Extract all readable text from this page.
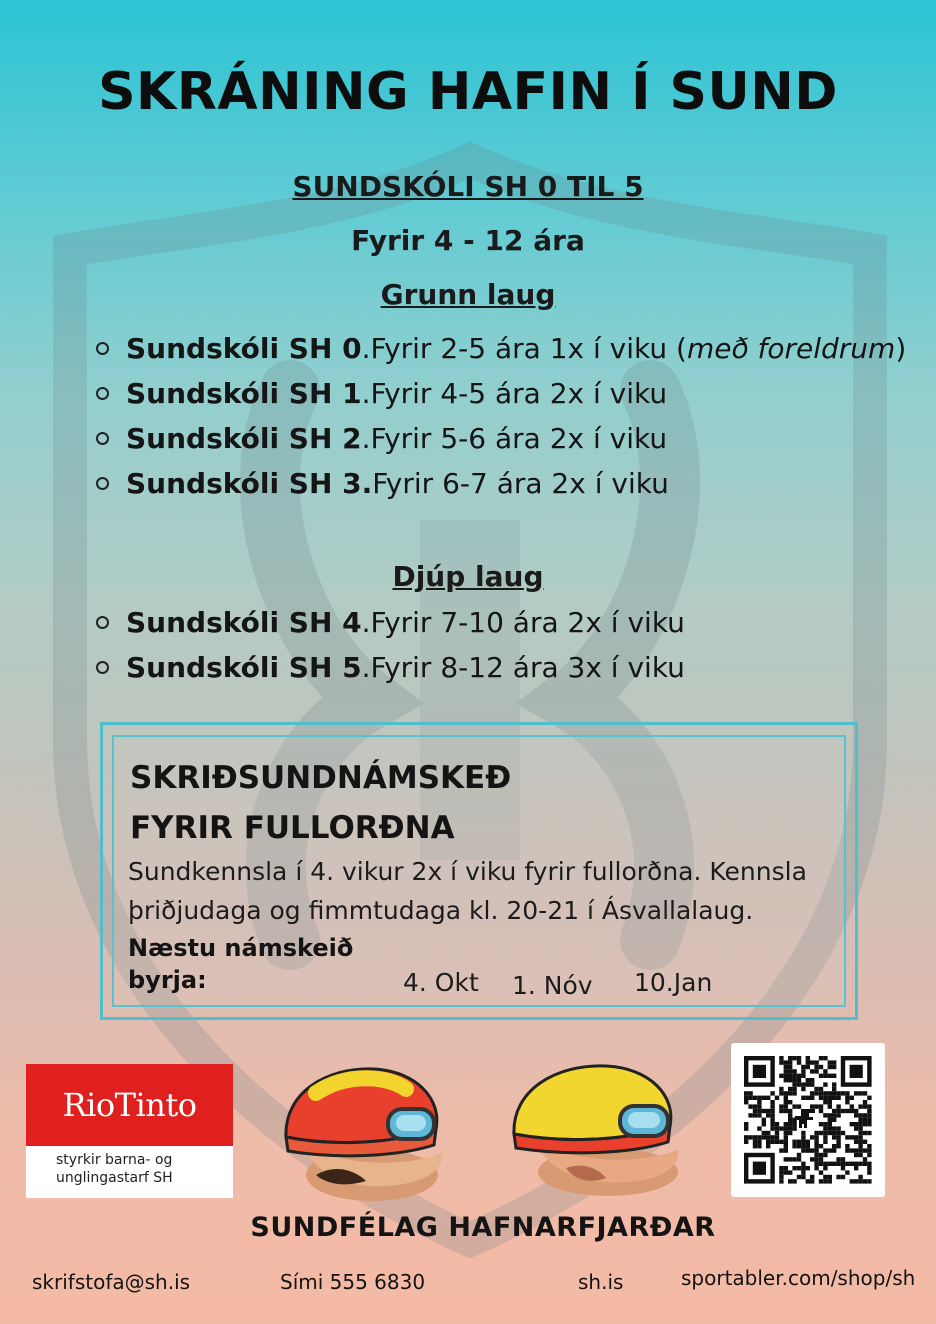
SKRÁNING HAFIN Í SUND
SUNDSKÓLI SH 0 TIL 5
Fyrir 4 - 12 ára
Grunn laug
Sundskóli SH 0 . Fyrir 2-5 ára 1x í viku ( með foreldrum )
Sundskóli SH 1 . Fyrir 4-5 ára 2x í viku
Sundskóli SH 2 . Fyrir 5-6 ára 2x í viku
Sundskóli SH 3. Fyrir 6-7 ára 2x í viku
Djúp laug
Sundskóli SH 4 . Fyrir 7-10 ára 2x í viku
Sundskóli SH 5 . Fyrir 8-12 ára 3x í viku
SKRIÐSUNDNÁMSKEÐ
FYRIR FULLORÐNA

Sundkennsla í 4. vikur 2x í viku fyrir fullorðna. Kennsla þriðjudaga og fimmtudaga kl. 20-21 í Ásvallalaug.

Næstu námskeið
byrja:	4. Okt 1. Nóv 10.Jan
RioTinto
styrkir barna- og
unglingastarf SH
SUNDFÉLAG HAFNARFJARÐAR
skrifstofa@sh.is	Sími 555 6830	sh.is	sportabler.com/shop/sh
